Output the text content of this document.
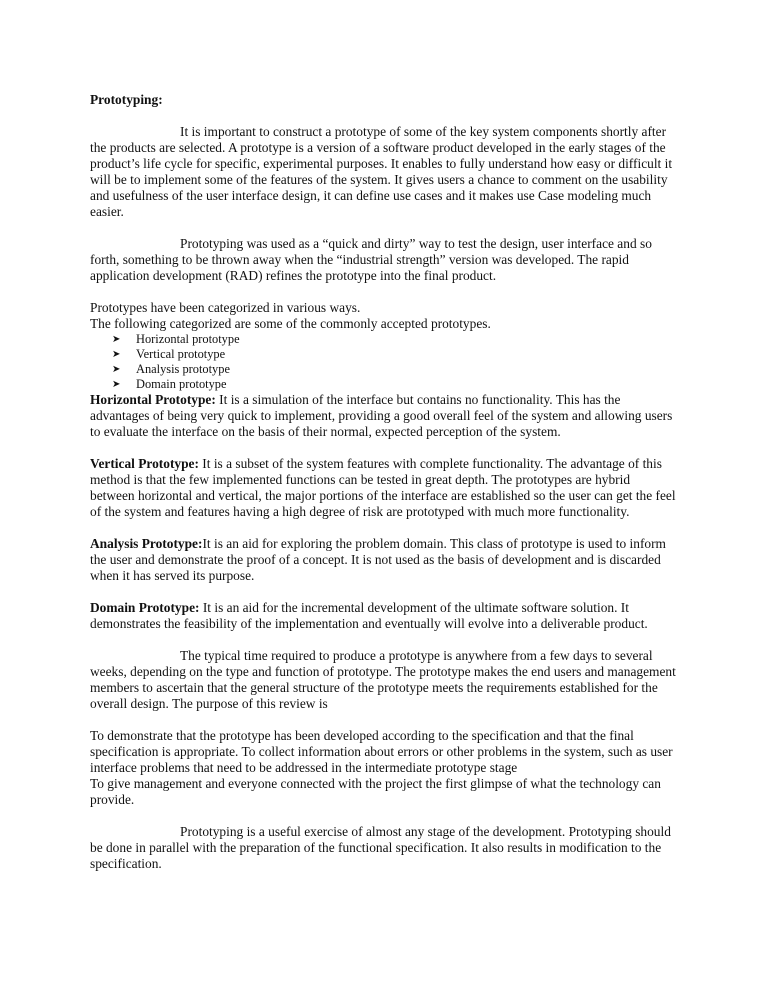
Prototyping:

It is important to construct a prototype of some of the key system components shortly after the products are selected. A prototype is a version of a software product developed in the early stages of the product’s life cycle for specific, experimental purposes. It enables to fully understand how easy or difficult it will be to implement some of the features of the system. It gives users a chance to comment on the usability and usefulness of the user interface design, it can define use cases and it makes use Case modeling much easier.

Prototyping was used as a “quick and dirty” way to test the design, user interface and so forth, something to be thrown away when the “industrial strength” version was developed. The rapid application development (RAD) refines the prototype into the final product.

Prototypes have been categorized in various ways.

The following categorized are some of the commonly accepted prototypes.

➤ Horizontal prototype
➤ Vertical prototype
➤ Analysis prototype
➤ Domain prototype

Horizontal Prototype: It is a simulation of the interface but contains no functionality. This has the advantages of being very quick to implement, providing a good overall feel of the system and allowing users to evaluate the interface on the basis of their normal, expected perception of the system.

Vertical Prototype: It is a subset of the system features with complete functionality. The advantage of this method is that the few implemented functions can be tested in great depth. The prototypes are hybrid between horizontal and vertical, the major portions of the interface are established so the user can get the feel of the system and features having a high degree of risk are prototyped with much more functionality.

Analysis Prototype:It is an aid for exploring the problem domain. This class of prototype is used to inform the user and demonstrate the proof of a concept. It is not used as the basis of development and is discarded when it has served its purpose.

Domain Prototype: It is an aid for the incremental development of the ultimate software solution. It demonstrates the feasibility of the implementation and eventually will evolve into a deliverable product.

The typical time required to produce a prototype is anywhere from a few days to several weeks, depending on the type and function of prototype. The prototype makes the end users and management members to ascertain that the general structure of the prototype meets the requirements established for the overall design. The purpose of this review is

To demonstrate that the prototype has been developed according to the specification and that the final specification is appropriate. To collect information about errors or other problems in the system, such as user interface problems that need to be addressed in the intermediate prototype stage

To give management and everyone connected with the project the first glimpse of what the technology can provide.

Prototyping is a useful exercise of almost any stage of the development. Prototyping should be done in parallel with the preparation of the functional specification. It also results in modification to the specification.
